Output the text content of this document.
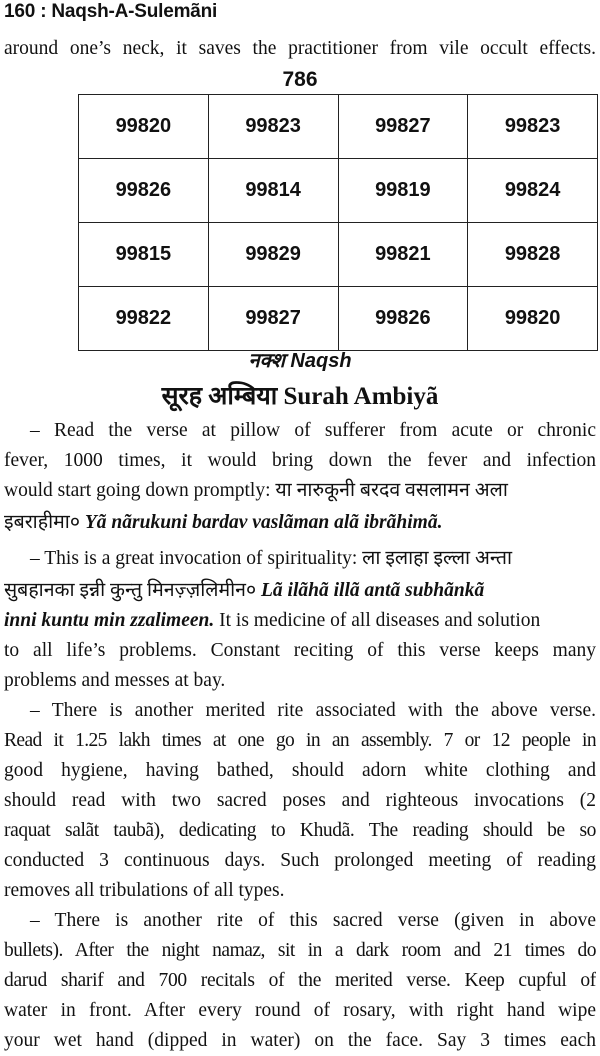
160 : Naqsh-A-Sulemãni
around one’s neck, it saves the practitioner from vile occult effects.
786
99820	99823	99827	99823
99826	99814	99819	99824
99815	99829	99821	99828
99822	99827	99826	99820
नक्श Naqsh
सूरह अम्बिया Surah Ambiyã
– Read the verse at pillow of sufferer from acute or chronic
fever, 1000 times, it would bring down the fever and infection
would start going down promptly: या नारुकूनी बरदव वसलामन अला
इबराहीमा० Yã nãrukuni bardav vaslãman alã ibrãhimã.
– This is a great invocation of spirituality: ला इलाहा इल्ला अन्ता
सुबहानका इन्नी कुन्तु मिनज़्ज़लिमीन० Lã ilãhã illã antã subhãnkã
inni kuntu min zzalimeen. It is medicine of all diseases and solution
to all life’s problems. Constant reciting of this verse keeps many
problems and messes at bay.
– There is another merited rite associated with the above verse.
Read it 1.25 lakh times at one go in an assembly. 7 or 12 people in
good hygiene, having bathed, should adorn white clothing and
should read with two sacred poses and righteous invocations (2
raquat salãt taubã), dedicating to Khudã. The reading should be so
conducted 3 continuous days. Such prolonged meeting of reading
removes all tribulations of all types.
– There is another rite of this sacred verse (given in above
bullets). After the night namaz, sit in a dark room and 21 times do
darud sharif and 700 recitals of the merited verse. Keep cupful of
water in front. After every round of rosary, with right hand wipe
your wet hand (dipped in water) on the face. Say 3 times each
